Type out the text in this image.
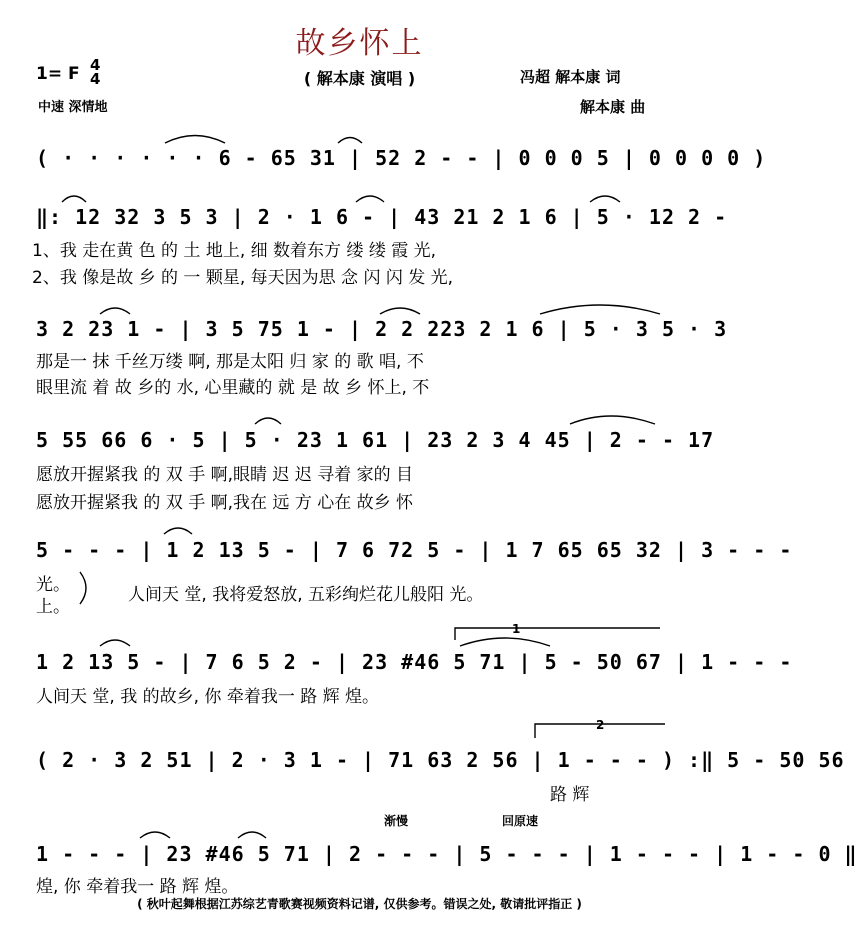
故乡怀上
1= F 4
4
中速 深情地
( 解本康 演唱 )	冯超 解本康 词
解本康 曲
( · · · · · · 6 - 65 31 | 52 2 - - | 0 0 0 5 | 0 0 0 0 )
‖: 12 32 3 5 3 | 2 · 1 6 - | 43 21 2 1 6 | 5 · 12 2 -
1、我 走在黄 色 的 土 地上, 细 数着东方 缕 缕 霞 光,
2、我 像是故 乡 的 一 颗星, 每天因为思 念 闪 闪 发 光,
3 2 23 1 - | 3 5 75 1 - | 2 2 223 2 1 6 | 5 · 3 5 · 3
那是一 抹 千丝万缕 啊, 那是太阳 归 家 的 歌 唱, 不
眼里流 着 故 乡的 水, 心里藏的 就 是 故 乡 怀上, 不
5 55 66 6 · 5 | 5 · 23 1 61 | 23 2 3 4 45 | 2 - - 17
愿放开握紧我 的 双 手 啊,眼睛 迟 迟 寻着 家的 目
愿放开握紧我 的 双 手 啊,我在 远 方 心在 故乡 怀
5 - - - | 1 2 13 5 - | 7 6 72 5 - | 1 7 65 65 32 | 3 - - -
光。
上。
人间天 堂, 我将爱怒放, 五彩绚烂花儿般阳 光。
1
1 2 13 5 - | 7 6 5 2 - | 23 #46 5 71 | 5 - 50 67 | 1 - - -
人间天 堂, 我 的故乡, 你 牵着我一 路 辉 煌。
2
( 2 · 3 2 51 | 2 · 3 1 - | 71 63 2 56 | 1 - - - ) :‖ 5 - 50 56
路 辉
渐慢	回原速
1 - - - | 23 #46 5 71 | 2 - - - | 5 - - - | 1 - - - | 1 - - 0 ‖
煌, 你 牵着我一 路 辉 煌。
( 秋叶起舞根据江苏综艺青歌赛视频资料记谱, 仅供参考。错误之处, 敬请批评指正 )
